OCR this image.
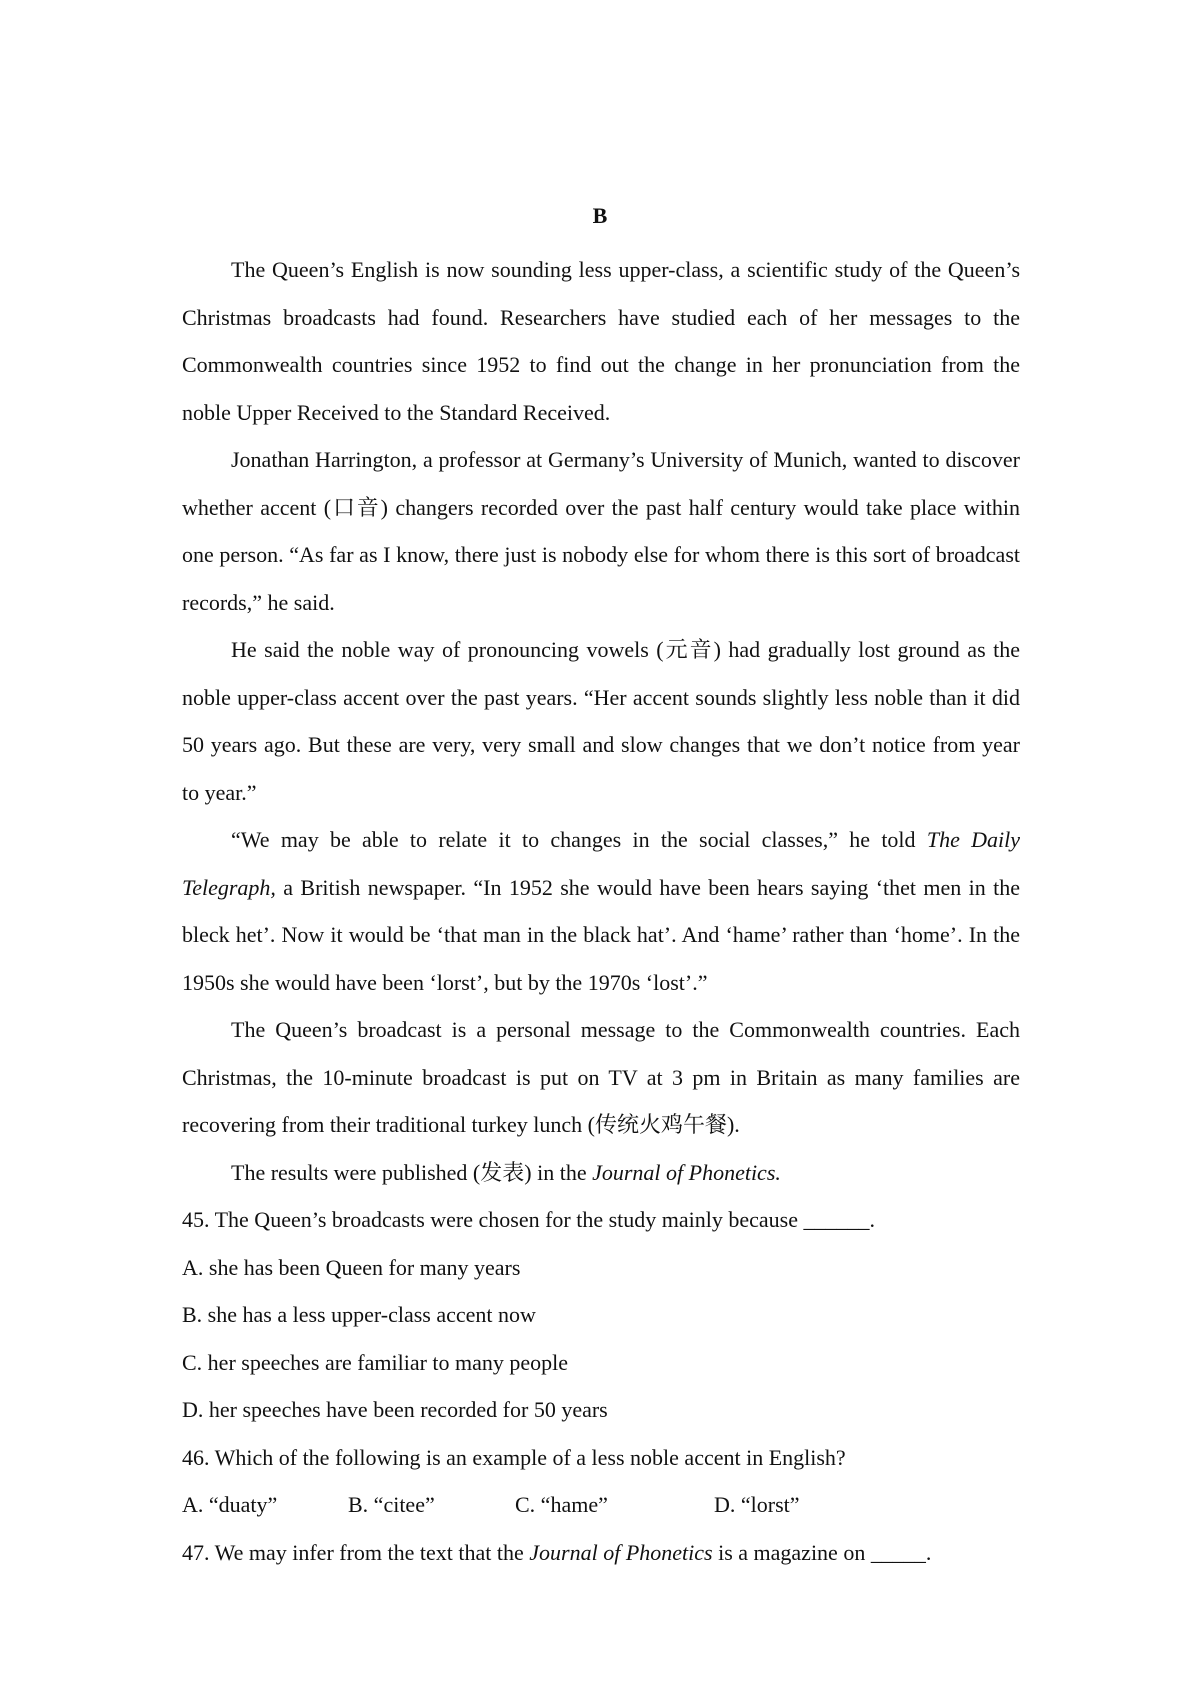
B

The Queen’s English is now sounding less upper-class, a scientific study of the Queen’s Christmas broadcasts had found. Researchers have studied each of her messages to the Commonwealth countries since 1952 to find out the change in her pronunciation from the noble Upper Received to the Standard Received.

Jonathan Harrington, a professor at Germany’s University of Munich, wanted to discover whether accent (口音) changers recorded over the past half century would take place within one person. “As far as I know, there just is nobody else for whom there is this sort of broadcast records,” he said.

He said the noble way of pronouncing vowels (元音) had gradually lost ground as the noble upper-class accent over the past years. “Her accent sounds slightly less noble than it did 50 years ago. But these are very, very small and slow changes that we don’t notice from year to year.”

“We may be able to relate it to changes in the social classes,” he told The Daily Telegraph, a British newspaper. “In 1952 she would have been hears saying ‘thet men in the bleck het’. Now it would be ‘that man in the black hat’. And ‘hame’ rather than ‘home’. In the 1950s she would have been ‘lorst’, but by the 1970s ‘lost’.”

The Queen’s broadcast is a personal message to the Commonwealth countries. Each Christmas, the 10-minute broadcast is put on TV at 3 pm in Britain as many families are recovering from their traditional turkey lunch (传统火鸡午餐).

The results were published (发表) in the Journal of Phonetics.

45. The Queen’s broadcasts were chosen for the study mainly because ______.

A. she has been Queen for many years

B. she has a less upper-class accent now

C. her speeches are familiar to many people

D. her speeches have been recorded for 50 years

46. Which of the following is an example of a less noble accent in English?

A. “duaty”	B. “citee”	C. “hame”	D. “lorst”

47. We may infer from the text that the Journal of Phonetics is a magazine on _____.
